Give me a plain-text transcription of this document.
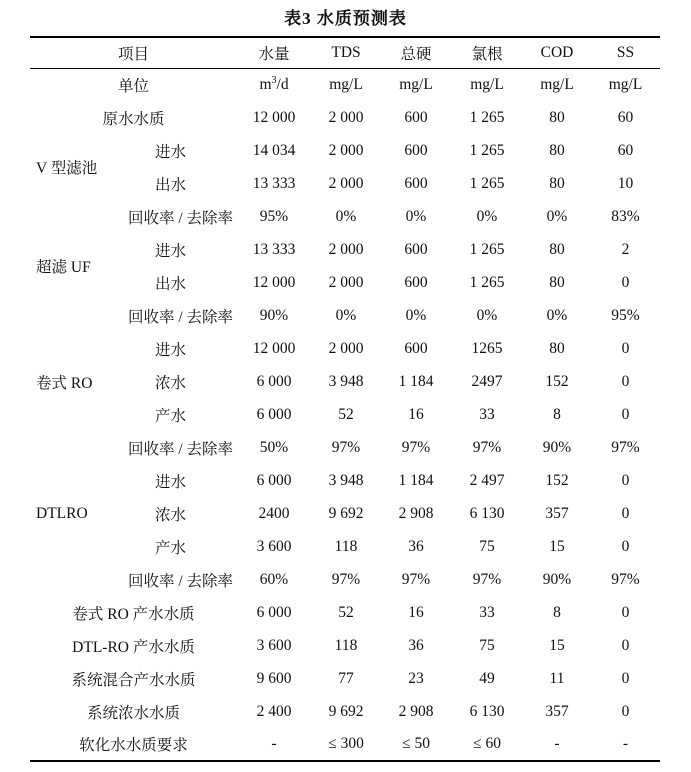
表3 水质预测表
项目		水量	TDS	总硬	氯根	COD	SS
单位		$m^3/d$	mg/L	mg/L	mg/L	mg/L	mg/L
原水水质		12 000	2 000	600	1 265	80	60
V 型滤池	进水	14 034	2 000	600	1 265	80	60
	出水	13 333	2 000	600	1 265	80	10
回收率 / 去除率		95%	0%	0%	0%	0%	83%
超滤 UF	进水	13 333	2 000	600	1 265	80	2
	出水	12 000	2 000	600	1 265	80	0
回收率 / 去除率		90%	0%	0%	0%	0%	95%
卷式 RO	进水	12 000	2 000	600	1265	80	0
	浓水	6 000	3 948	1 184	2497	152	0
	产水	6 000	52	16	33	8	0
回收率 / 去除率		50%	97%	97%	97%	90%	97%
DTLRO	进水	6 000	3 948	1 184	2 497	152	0
	浓水	2400	9 692	2 908	6 130	357	0
	产水	3 600	118	36	75	15	0
回收率 / 去除率		60%	97%	97%	97%	90%	97%
卷式 RO 产水水质		6 000	52	16	33	8	0
DTL-RO 产水水质		3 600	118	36	75	15	0
系统混合产水水质		9 600	77	23	49	11	0
系统浓水水质		2 400	9 692	2 908	6 130	357	0
软化水水质要求		-	≤ 300	≤ 50	≤ 60	-	-
